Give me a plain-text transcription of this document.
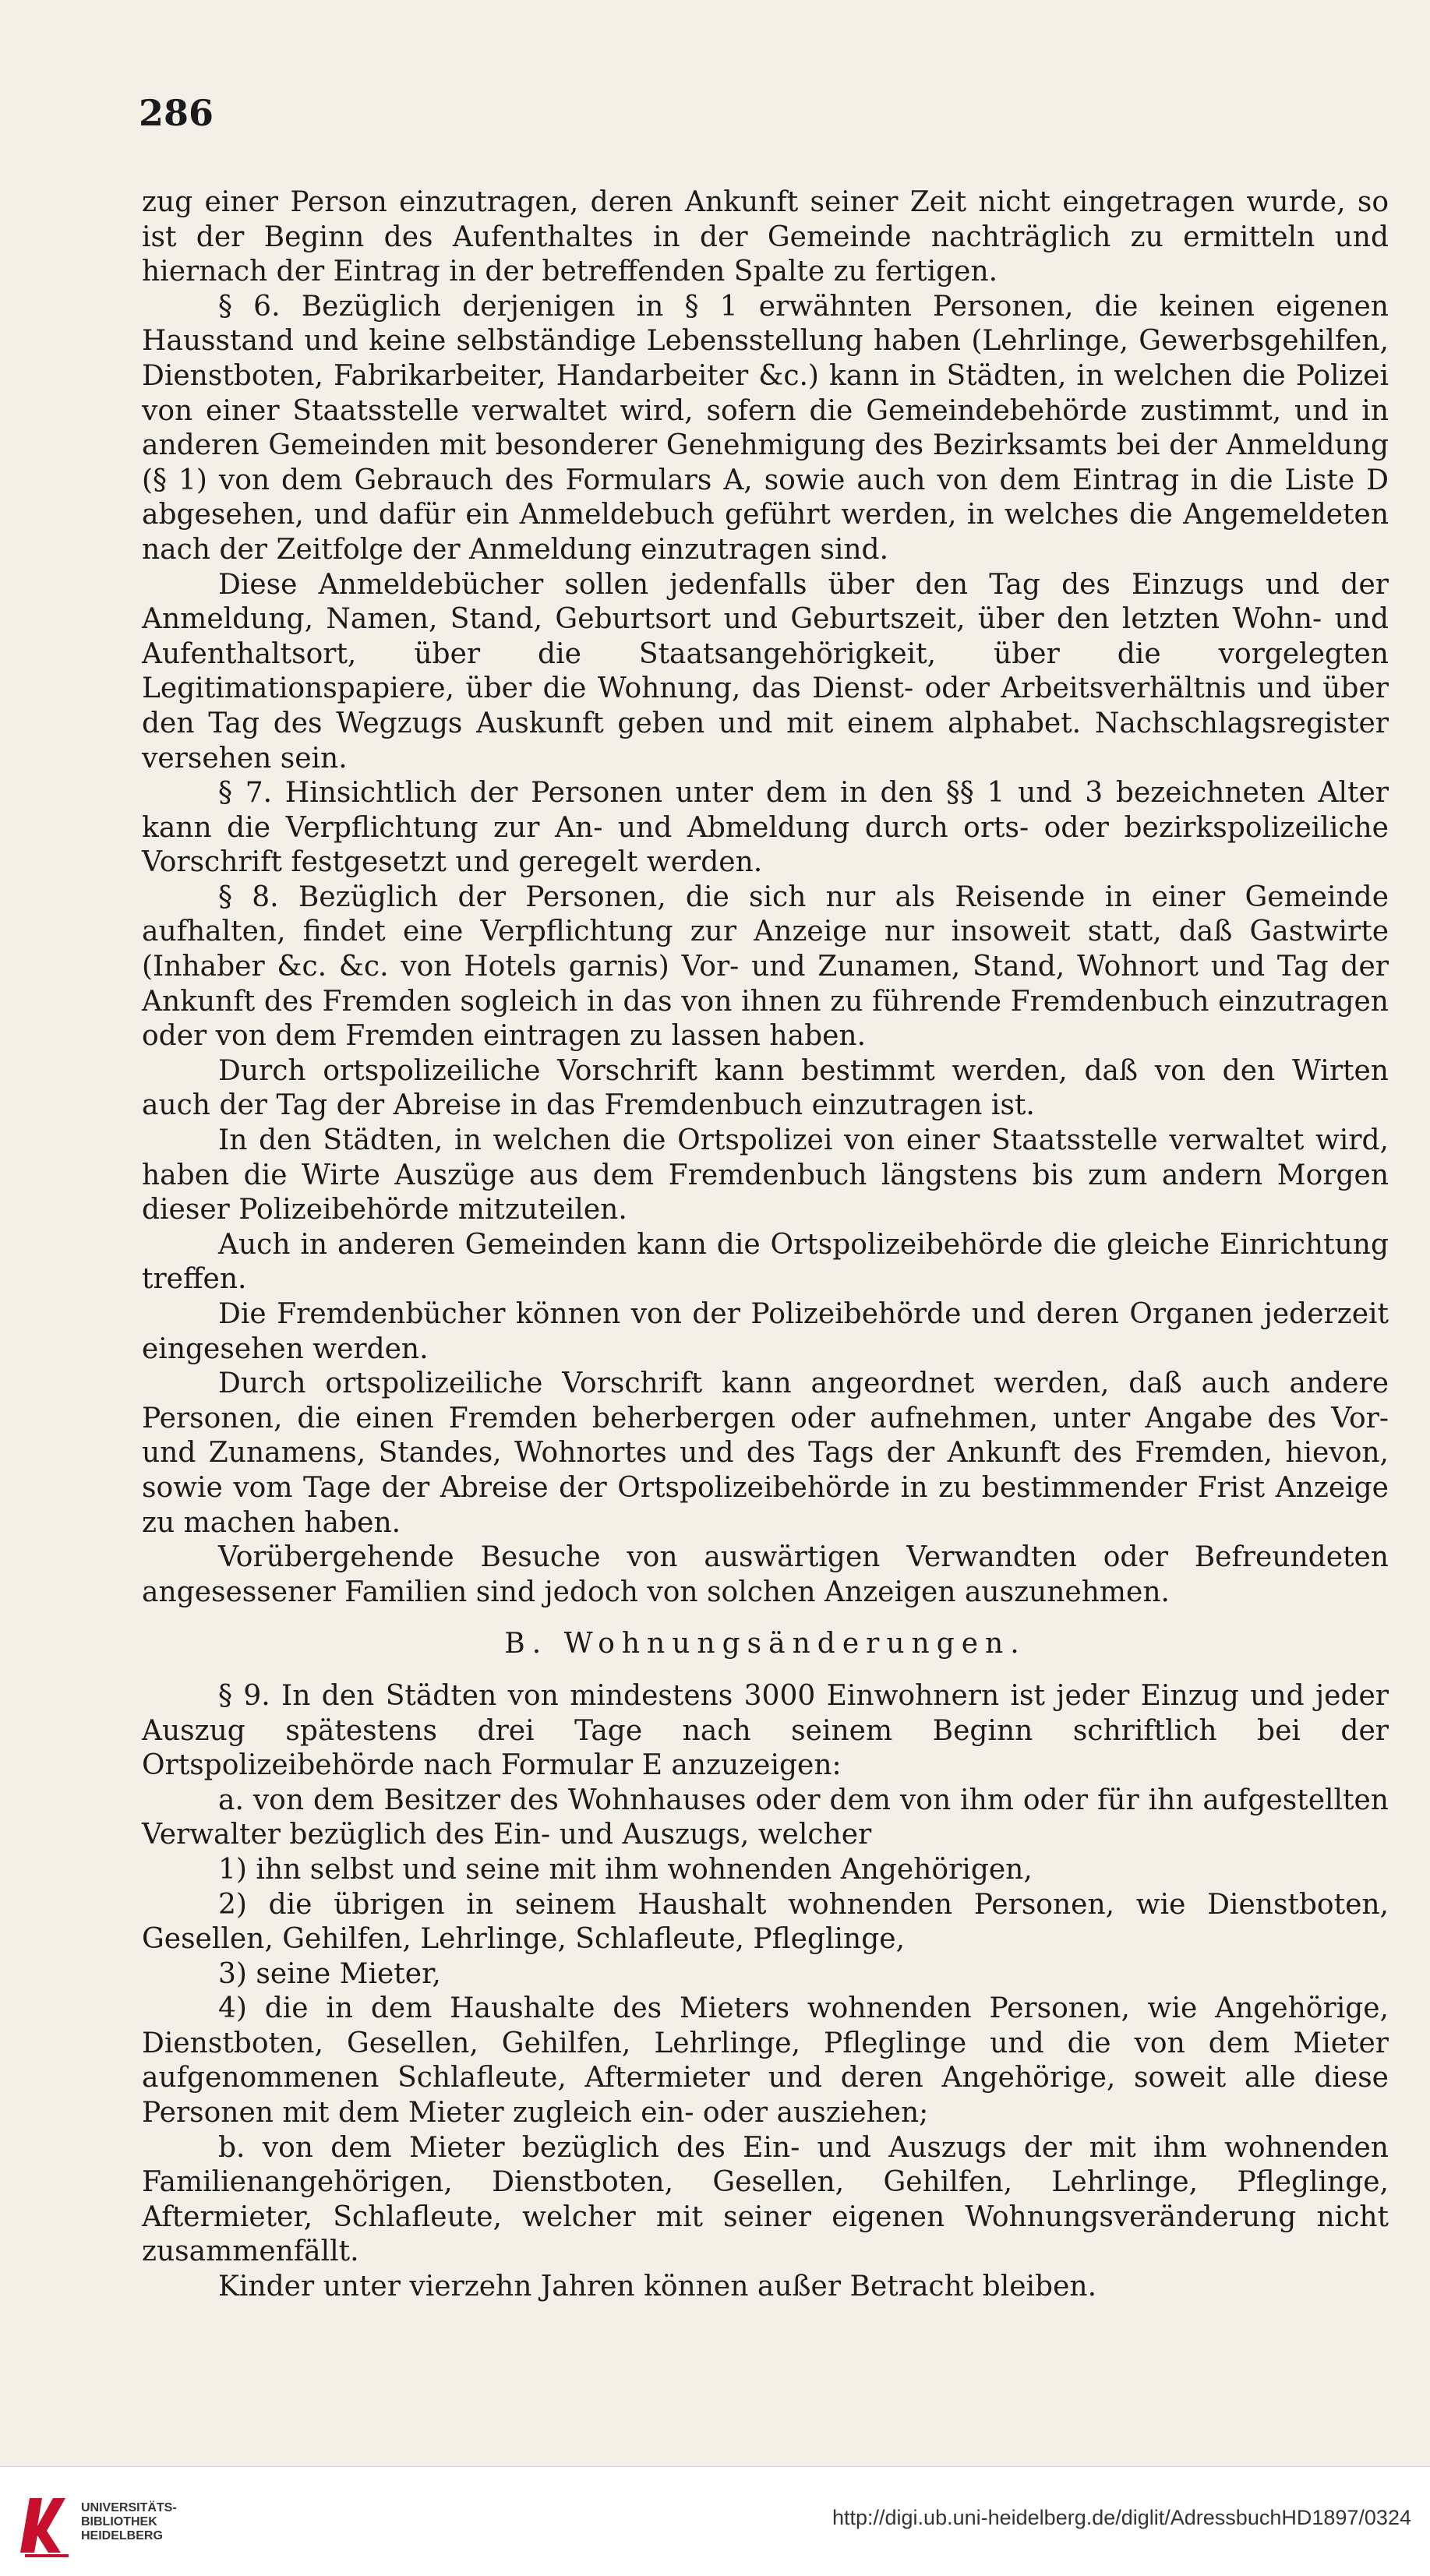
286

zug einer Person einzutragen, deren Ankunft seiner Zeit nicht eingetragen wurde, so ist der Beginn des Aufenthaltes in der Gemeinde nachträglich zu ermitteln und hiernach der Eintrag in der betreffenden Spalte zu fertigen.

§ 6. Bezüglich derjenigen in § 1 erwähnten Personen, die keinen eigenen Hausstand und keine selbständige Lebensstellung haben (Lehrlinge, Gewerbsgehilfen, Dienstboten, Fabrikarbeiter, Handarbeiter &c.) kann in Städten, in welchen die Polizei von einer Staatsstelle verwaltet wird, sofern die Gemeindebehörde zustimmt, und in anderen Gemeinden mit besonderer Genehmigung des Bezirksamts bei der Anmeldung (§ 1) von dem Gebrauch des Formulars A, sowie auch von dem Eintrag in die Liste D abgesehen, und dafür ein Anmeldebuch geführt werden, in welches die Angemeldeten nach der Zeitfolge der Anmeldung einzutragen sind.

Diese Anmeldebücher sollen jedenfalls über den Tag des Einzugs und der Anmeldung, Namen, Stand, Geburtsort und Geburtszeit, über den letzten Wohn- und Aufenthaltsort, über die Staatsangehörigkeit, über die vorgelegten Legitimationspapiere, über die Wohnung, das Dienst- oder Arbeitsverhältnis und über den Tag des Wegzugs Auskunft geben und mit einem alphabet. Nachschlagsregister versehen sein.

§ 7. Hinsichtlich der Personen unter dem in den §§ 1 und 3 bezeichneten Alter kann die Verpflichtung zur An- und Abmeldung durch orts- oder bezirkspolizeiliche Vorschrift festgesetzt und geregelt werden.

§ 8. Bezüglich der Personen, die sich nur als Reisende in einer Gemeinde aufhalten, findet eine Verpflichtung zur Anzeige nur insoweit statt, daß Gastwirte (Inhaber &c. &c. von Hotels garnis) Vor- und Zunamen, Stand, Wohnort und Tag der Ankunft des Fremden sogleich in das von ihnen zu führende Fremdenbuch einzutragen oder von dem Fremden eintragen zu lassen haben.

Durch ortspolizeiliche Vorschrift kann bestimmt werden, daß von den Wirten auch der Tag der Abreise in das Fremdenbuch einzutragen ist.

In den Städten, in welchen die Ortspolizei von einer Staatsstelle verwaltet wird, haben die Wirte Auszüge aus dem Fremdenbuch längstens bis zum andern Morgen dieser Polizeibehörde mitzuteilen.

Auch in anderen Gemeinden kann die Ortspolizeibehörde die gleiche Einrichtung treffen.

Die Fremdenbücher können von der Polizeibehörde und deren Organen jederzeit eingesehen werden.

Durch ortspolizeiliche Vorschrift kann angeordnet werden, daß auch andere Personen, die einen Fremden beherbergen oder aufnehmen, unter Angabe des Vor- und Zunamens, Standes, Wohnortes und des Tags der Ankunft des Fremden, hievon, sowie vom Tage der Abreise der Ortspolizeibehörde in zu bestimmender Frist Anzeige zu machen haben.

Vorübergehende Besuche von auswärtigen Verwandten oder Befreundeten angesessener Familien sind jedoch von solchen Anzeigen auszunehmen.

B. Wohnungsänderungen.

§ 9. In den Städten von mindestens 3000 Einwohnern ist jeder Einzug und jeder Auszug spätestens drei Tage nach seinem Beginn schriftlich bei der Ortspolizeibehörde nach Formular E anzuzeigen:

a. von dem Besitzer des Wohnhauses oder dem von ihm oder für ihn aufgestellten Verwalter bezüglich des Ein- und Auszugs, welcher

1) ihn selbst und seine mit ihm wohnenden Angehörigen,

2) die übrigen in seinem Haushalt wohnenden Personen, wie Dienstboten, Gesellen, Gehilfen, Lehrlinge, Schlafleute, Pfleglinge,

3) seine Mieter,

4) die in dem Haushalte des Mieters wohnenden Personen, wie Angehörige, Dienstboten, Gesellen, Gehilfen, Lehrlinge, Pfleglinge und die von dem Mieter aufgenommenen Schlafleute, Aftermieter und deren Angehörige, soweit alle diese Personen mit dem Mieter zugleich ein- oder ausziehen;

b. von dem Mieter bezüglich des Ein- und Auszugs der mit ihm wohnenden Familienangehörigen, Dienstboten, Gesellen, Gehilfen, Lehrlinge, Pfleglinge, Aftermieter, Schlafleute, welcher mit seiner eigenen Wohnungsveränderung nicht zusammenfällt.

Kinder unter vierzehn Jahren können außer Betracht bleiben.

UNIVERSITÄTS-
BIBLIOTHEK
HEIDELBERG
http://digi.ub.uni-heidelberg.de/diglit/AdressbuchHD1897/0324
